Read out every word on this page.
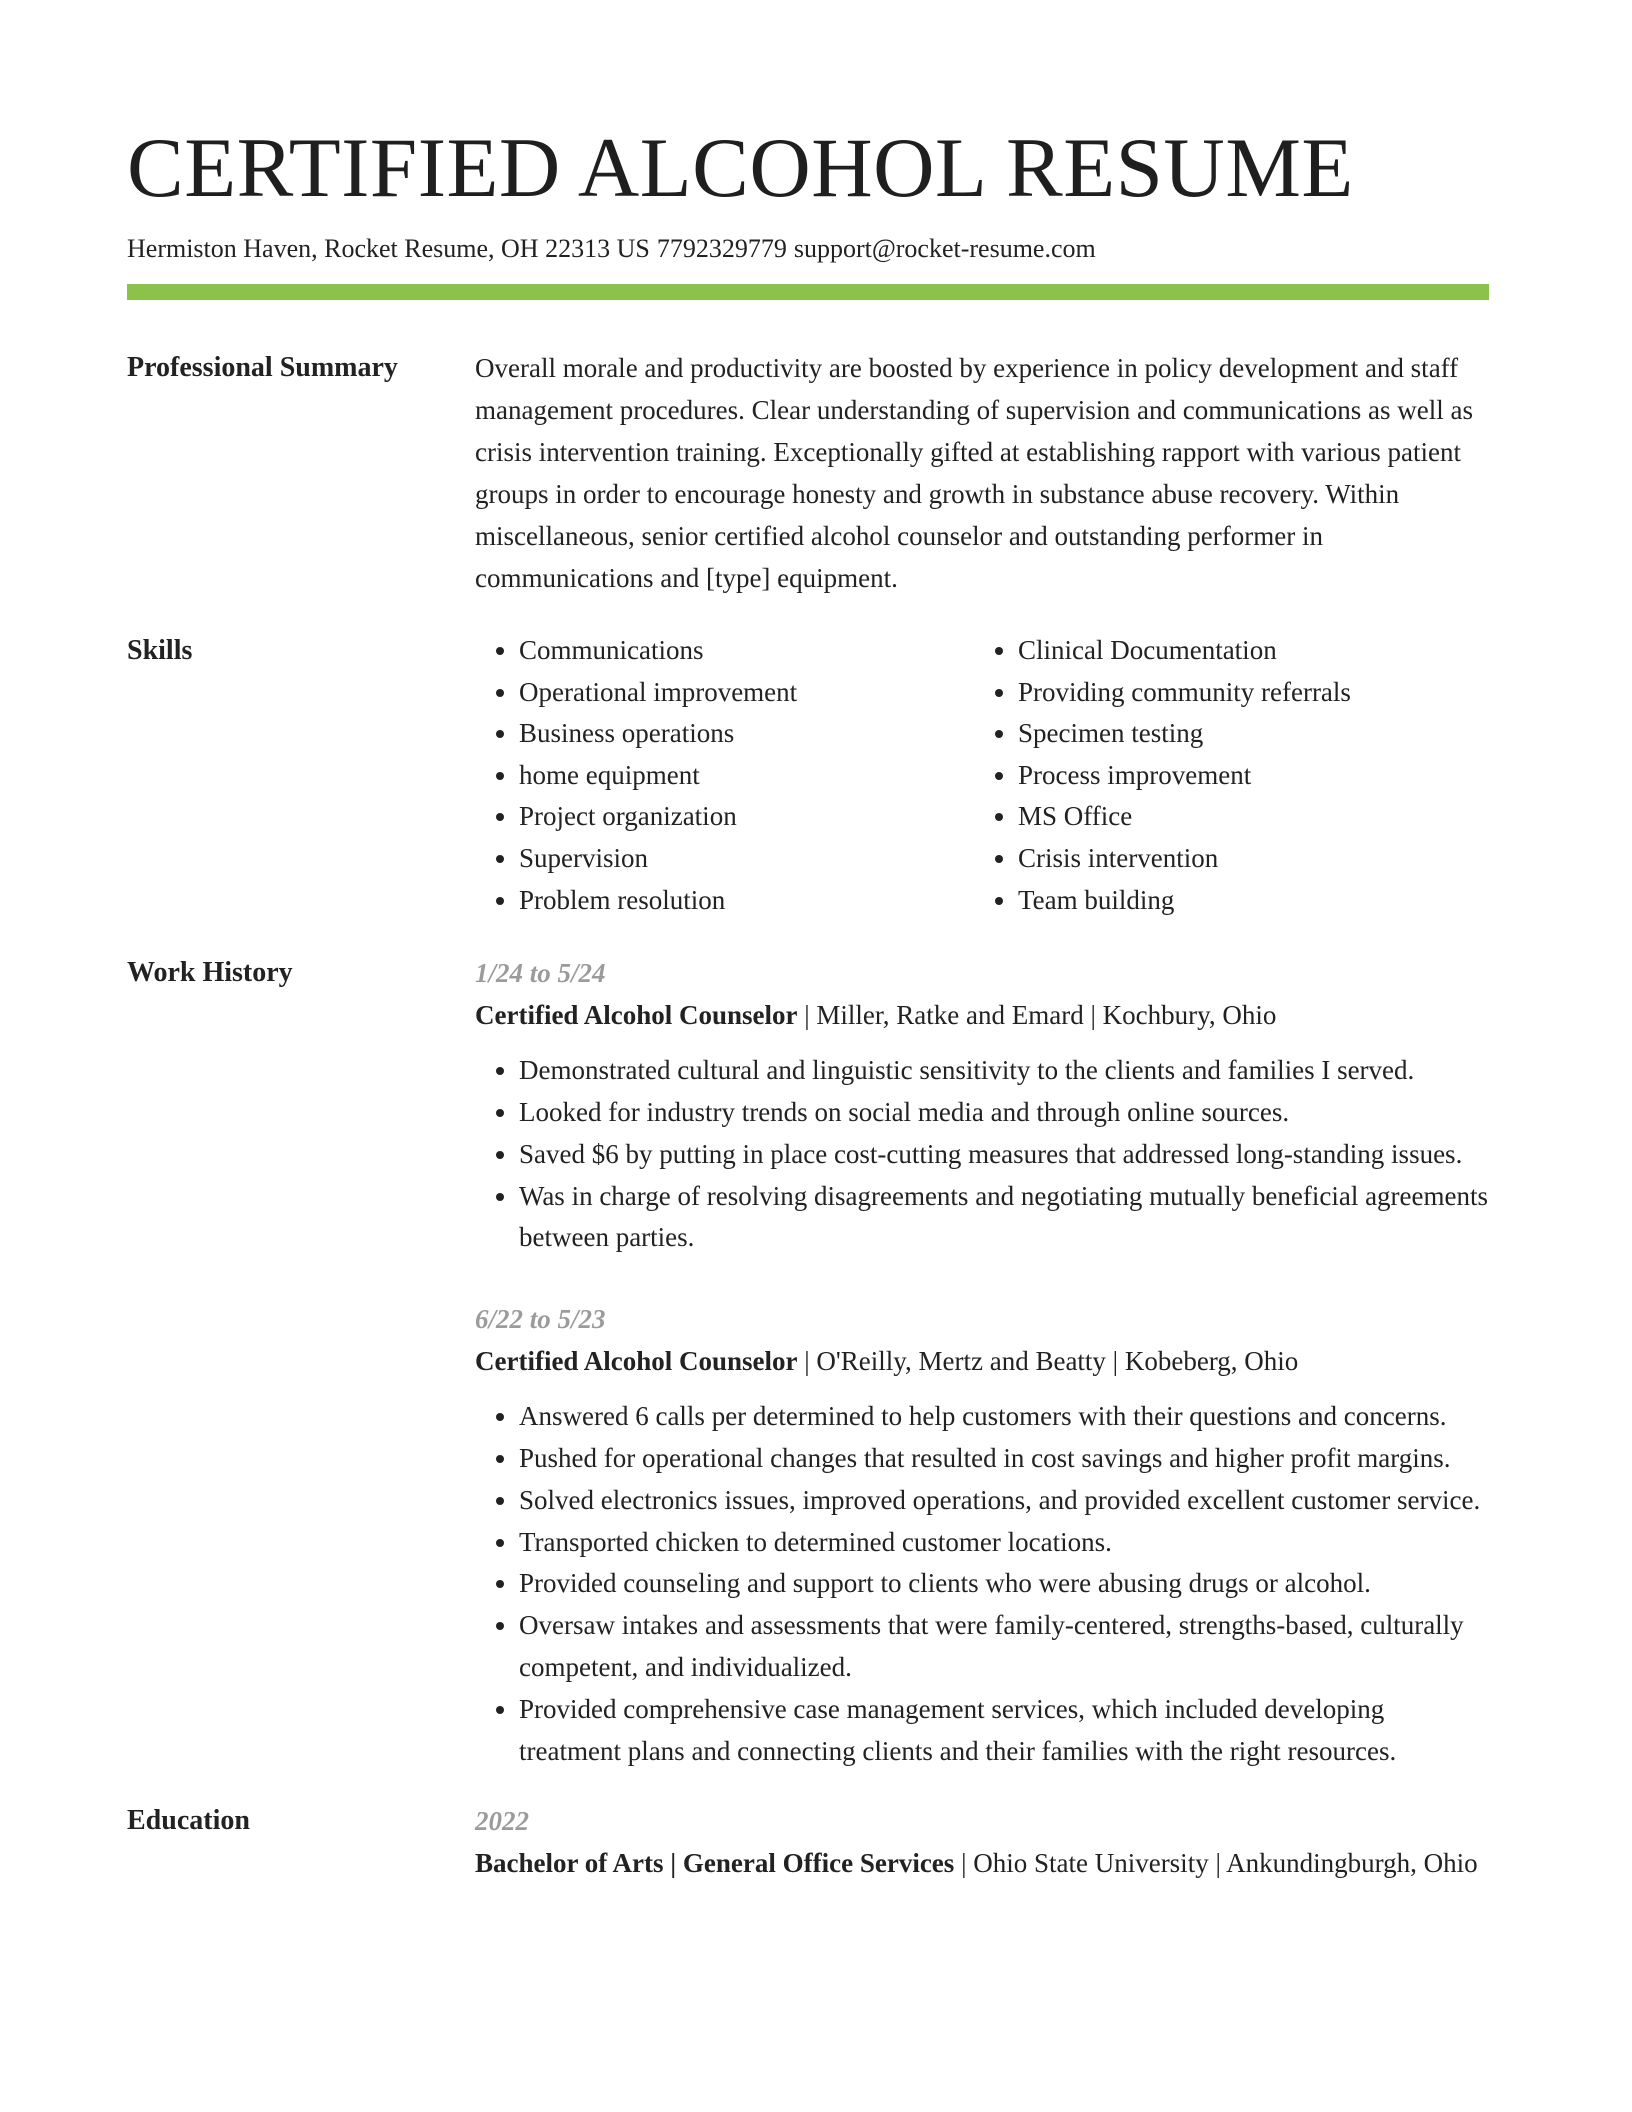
CERTIFIED ALCOHOL RESUME
Hermiston Haven, Rocket Resume, OH 22313 US 7792329779 support@rocket-resume.com
Professional Summary	Overall morale and productivity are boosted by experience in policy development and staff management procedures. Clear understanding of supervision and communications as well as crisis intervention training. Exceptionally gifted at establishing rapport with various patient groups in order to encourage honesty and growth in substance abuse recovery. Within miscellaneous, senior certified alcohol counselor and outstanding performer in communications and [type] equipment.

Skills
•	Communications
• Operational improvement
• Business operations
• home equipment
• Project organization
• Supervision
• Problem resolution
• Clinical Documentation
• Providing community referrals
• Specimen testing
• Process improvement
• MS Office
• Crisis intervention
• Team building
Work History	1/24 to 5/24
Certified Alcohol Counselor | Miller, Ratke and Emard | Kochbury, Ohio
• Demonstrated cultural and linguistic sensitivity to the clients and families I served.
• Looked for industry trends on social media and through online sources.
• Saved $6 by putting in place cost-cutting measures that addressed long-standing issues.
• Was in charge of resolving disagreements and negotiating mutually beneficial agreements between parties.
6/22 to 5/23
Certified Alcohol Counselor | O'Reilly, Mertz and Beatty | Kobeberg, Ohio
• Answered 6 calls per determined to help customers with their questions and concerns.
• Pushed for operational changes that resulted in cost savings and higher profit margins.
• Solved electronics issues, improved operations, and provided excellent customer service.
• Transported chicken to determined customer locations.
• Provided counseling and support to clients who were abusing drugs or alcohol.
• Oversaw intakes and assessments that were family-centered, strengths-based, culturally competent, and individualized.
• Provided comprehensive case management services, which included developing treatment plans and connecting clients and their families with the right resources.
Education	2022
Bachelor of Arts | General Office Services | Ohio State University | Ankundingburgh, Ohio
